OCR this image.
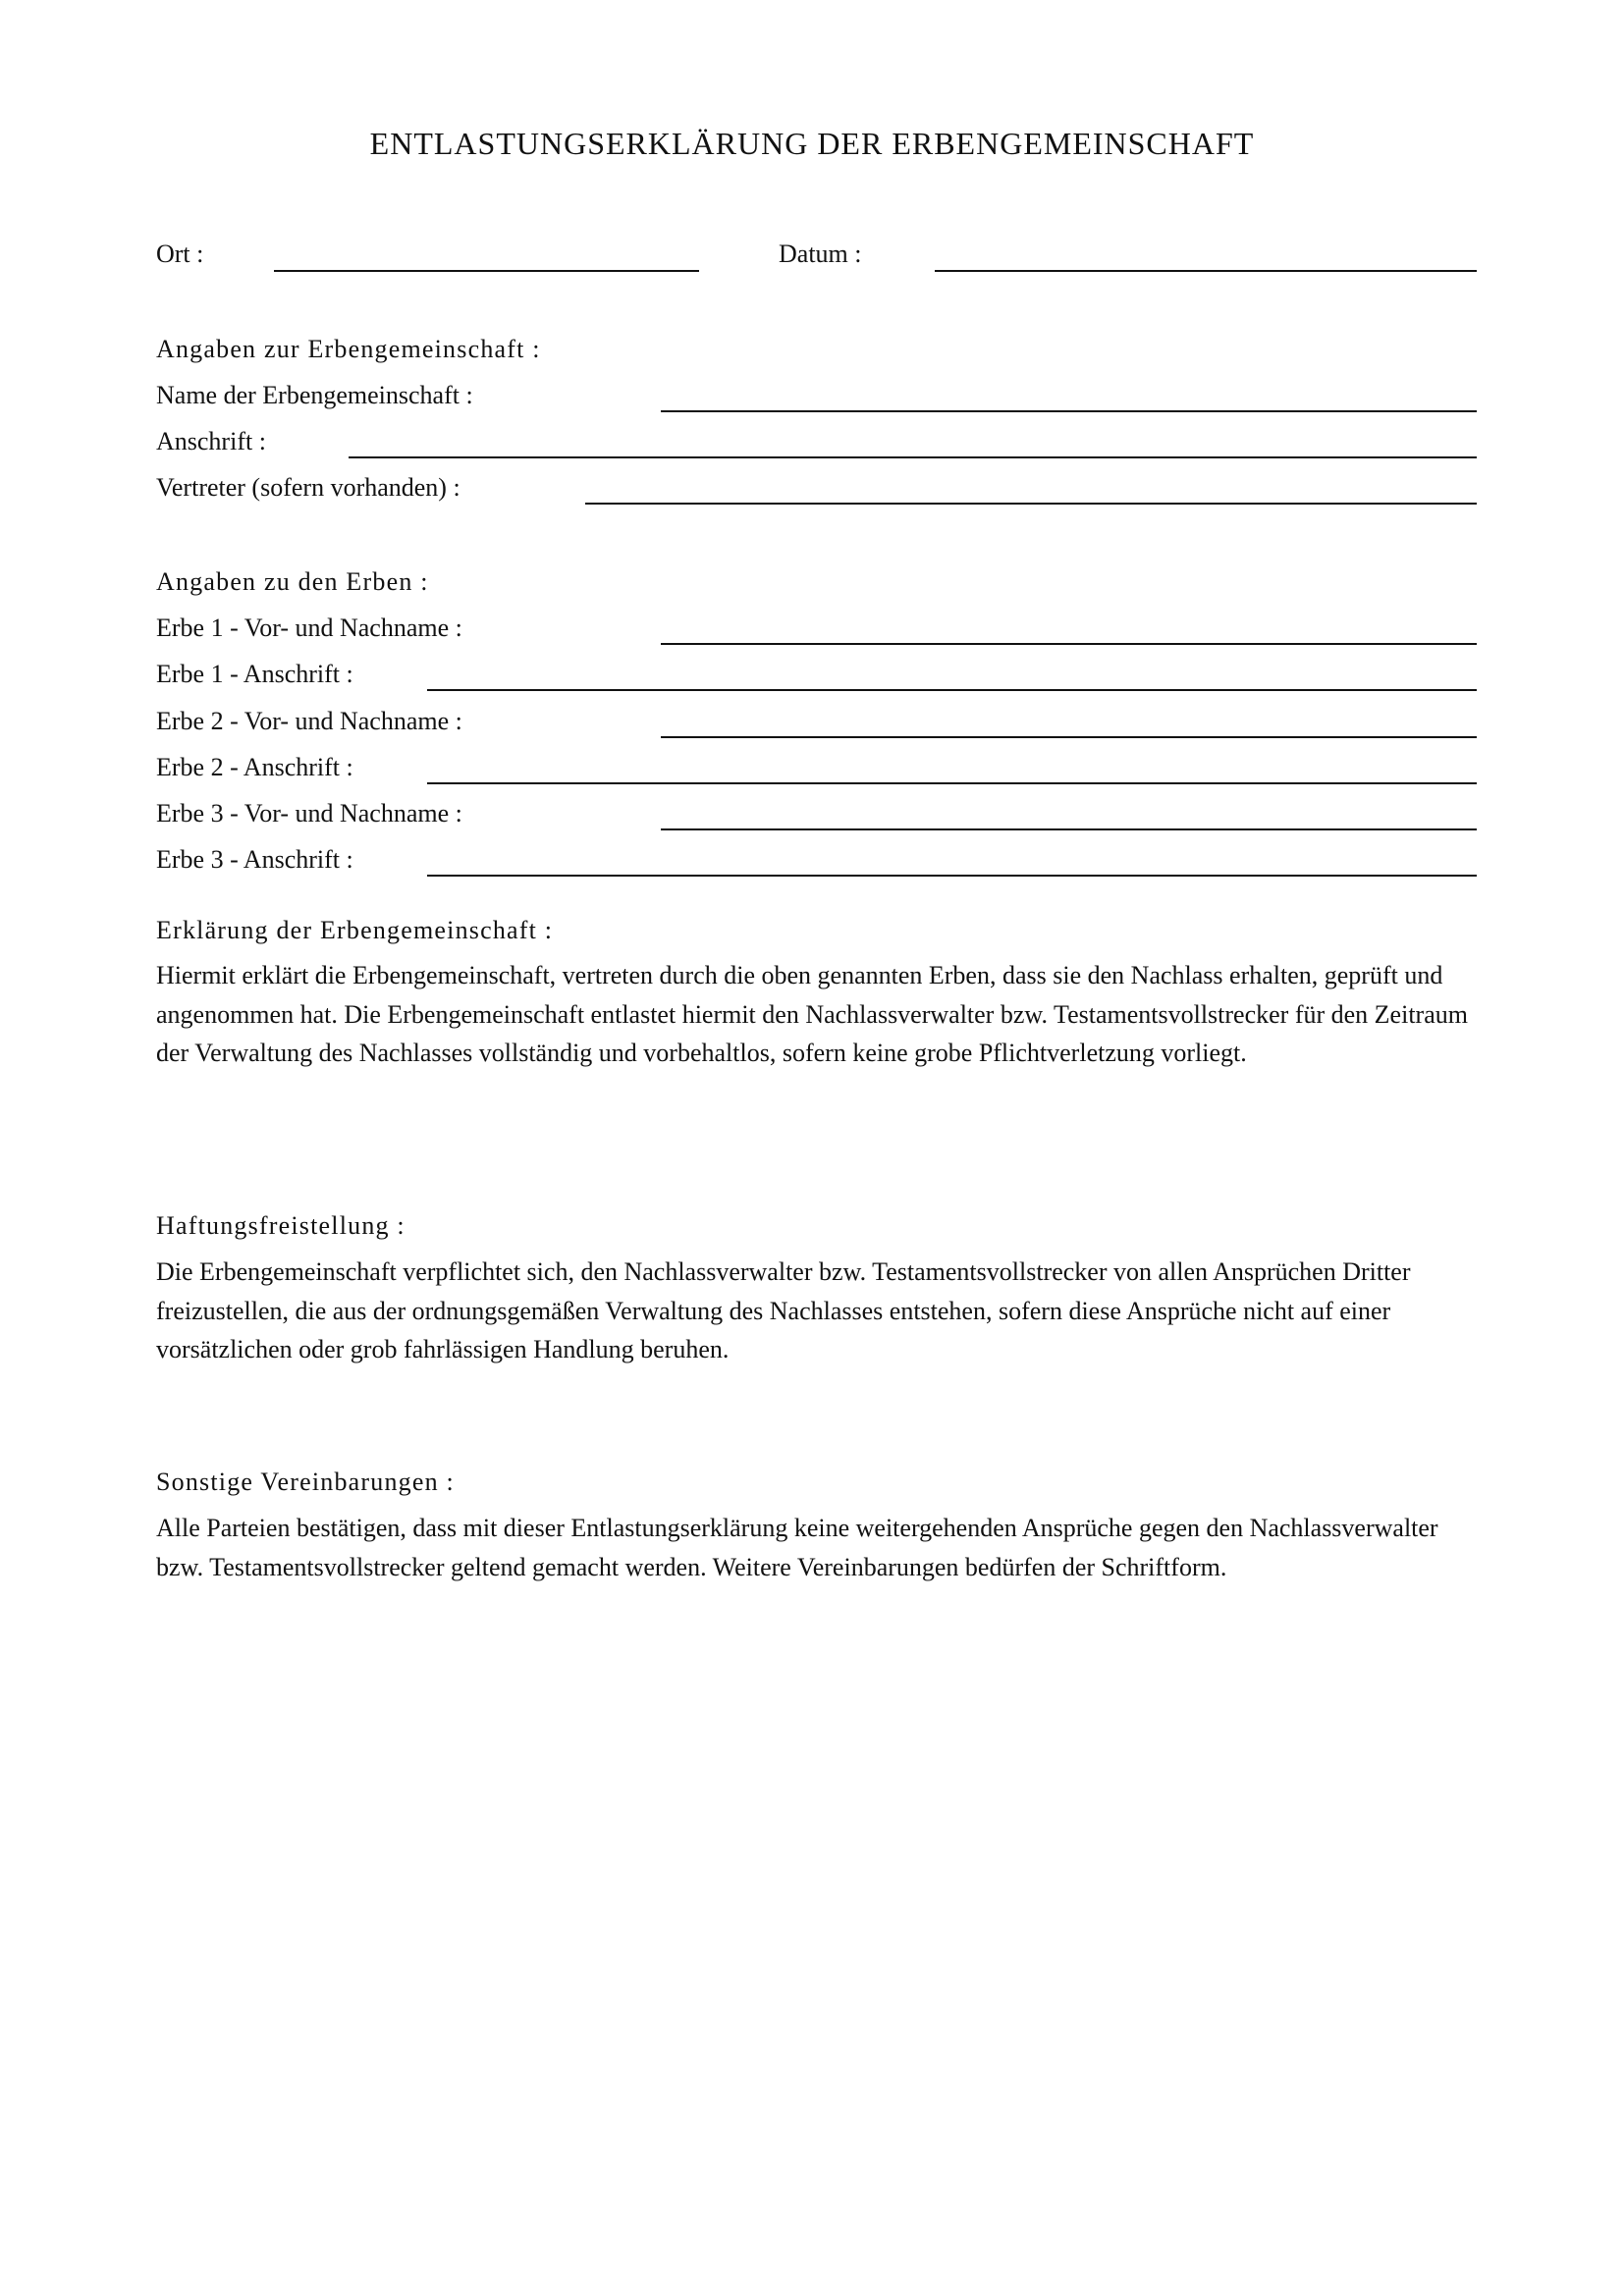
ENTLASTUNGSERKLÄRUNG DER ERBENGEMEINSCHAFT
Ort :	Datum :
Angaben zur Erbengemeinschaft :
Name der Erbengemeinschaft :
Anschrift :
Vertreter (sofern vorhanden) :
Angaben zu den Erben :
Erbe 1 - Vor- und Nachname :
Erbe 1 - Anschrift :
Erbe 2 - Vor- und Nachname :
Erbe 2 - Anschrift :
Erbe 3 - Vor- und Nachname :
Erbe 3 - Anschrift :
Erklärung der Erbengemeinschaft :
Hiermit erklärt die Erbengemeinschaft, vertreten durch die oben genannten Erben, dass sie den Nachlass erhalten, geprüft und angenommen hat. Die Erbengemeinschaft entlastet hiermit den Nachlassverwalter bzw. Testamentsvollstrecker für den Zeitraum der Verwaltung des Nachlasses vollständig und vorbehaltlos, sofern keine grobe Pflichtverletzung vorliegt.
Haftungsfreistellung :
Die Erbengemeinschaft verpflichtet sich, den Nachlassverwalter bzw. Testamentsvollstrecker von allen Ansprüchen Dritter freizustellen, die aus der ordnungsgemäßen Verwaltung des Nachlasses entstehen, sofern diese Ansprüche nicht auf einer vorsätzlichen oder grob fahrlässigen Handlung beruhen.
Sonstige Vereinbarungen :
Alle Parteien bestätigen, dass mit dieser Entlastungserklärung keine weitergehenden Ansprüche gegen den Nachlassverwalter bzw. Testamentsvollstrecker geltend gemacht werden. Weitere Vereinbarungen bedürfen der Schriftform.
